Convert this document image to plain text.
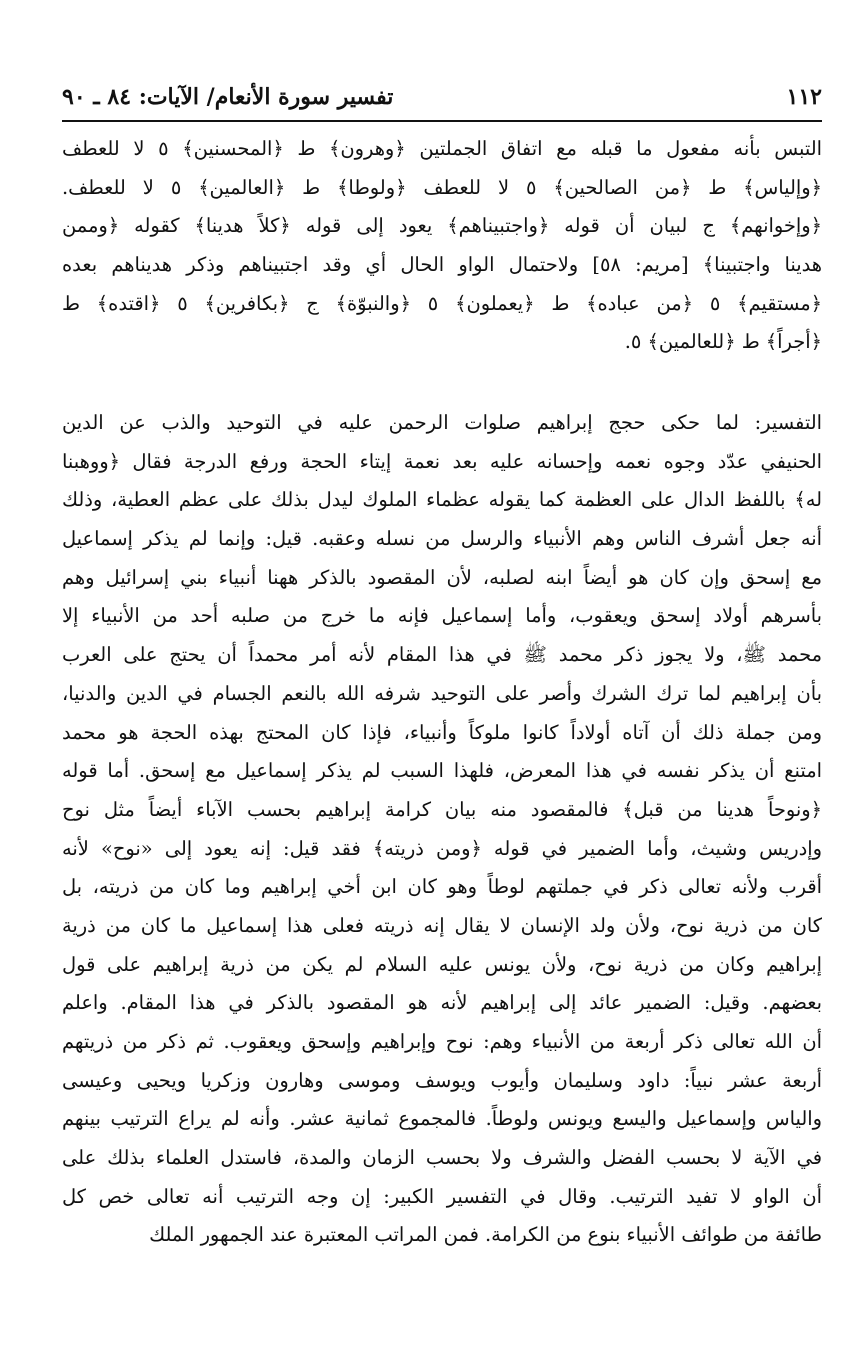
١١٢
تفسير سورة الأنعام/ الآيات: ٨٤ ـ ٩٠
التبس بأنه مفعول ما قبله مع اتفاق الجملتين ﴿وهرون﴾ ط ﴿المحسنين﴾ ٥ لا للعطف
﴿وإلياس﴾ ط ﴿من الصالحين﴾ ٥ لا للعطف ﴿ولوطا﴾ ط ﴿العالمين﴾ ٥ لا للعطف.
﴿وإخوانهم﴾ ج لبيان أن قوله ﴿واجتبيناهم﴾ يعود إلى قوله ﴿كلاً هدينا﴾ كقوله ﴿وممن
هدينا واجتبينا﴾ [مريم: ٥٨] ولاحتمال الواو الحال أي وقد اجتبيناهم وذكر هديناهم بعده
﴿مستقيم﴾ ٥ ﴿من عباده﴾ ط ﴿يعملون﴾ ٥ ﴿والنبوّة﴾ ج ﴿بكافرين﴾ ٥ ﴿اقتده﴾ ط
﴿أجراً﴾ ط ﴿للعالمين﴾ ٥.
التفسير: لما حكى حجج إبراهيم صلوات الرحمن عليه في التوحيد والذب عن الدين
الحنيفي عدّد وجوه نعمه وإحسانه عليه بعد نعمة إيتاء الحجة ورفع الدرجة فقال ﴿ووهبنا
له﴾ باللفظ الدال على العظمة كما يقوله عظماء الملوك ليدل بذلك على عظم العطية، وذلك
أنه جعل أشرف الناس وهم الأنبياء والرسل من نسله وعقبه. قيل: وإنما لم يذكر إسماعيل
مع إسحق وإن كان هو أيضاً ابنه لصلبه، لأن المقصود بالذكر ههنا أنبياء بني إسرائيل وهم
بأسرهم أولاد إسحق ويعقوب، وأما إسماعيل فإنه ما خرج من صلبه أحد من الأنبياء إلا
محمد ﷺ، ولا يجوز ذكر محمد ﷺ في هذا المقام لأنه أمر محمداً أن يحتج على العرب
بأن إبراهيم لما ترك الشرك وأصر على التوحيد شرفه الله بالنعم الجسام في الدين والدنيا،
ومن جملة ذلك أن آتاه أولاداً كانوا ملوكاً وأنبياء، فإذا كان المحتج بهذه الحجة هو محمد
امتنع أن يذكر نفسه في هذا المعرض، فلهذا السبب لم يذكر إسماعيل مع إسحق. أما قوله
﴿ونوحاً هدينا من قبل﴾ فالمقصود منه بيان كرامة إبراهيم بحسب الآباء أيضاً مثل نوح
وإدريس وشيث، وأما الضمير في قوله ﴿ومن ذريته﴾ فقد قيل: إنه يعود إلى «نوح» لأنه
أقرب ولأنه تعالى ذكر في جملتهم لوطاً وهو كان ابن أخي إبراهيم وما كان من ذريته، بل
كان من ذرية نوح، ولأن ولد الإنسان لا يقال إنه ذريته فعلى هذا إسماعيل ما كان من ذرية
إبراهيم وكان من ذرية نوح، ولأن يونس عليه السلام لم يكن من ذرية إبراهيم على قول
بعضهم. وقيل: الضمير عائد إلى إبراهيم لأنه هو المقصود بالذكر في هذا المقام. واعلم
أن الله تعالى ذكر أربعة من الأنبياء وهم: نوح وإبراهيم وإسحق ويعقوب. ثم ذكر من ذريتهم
أربعة عشر نبياً: داود وسليمان وأيوب ويوسف وموسى وهارون وزكريا ويحيى وعيسى
والياس وإسماعيل واليسع ويونس ولوطاً. فالمجموع ثمانية عشر. وأنه لم يراع الترتيب بينهم
في الآية لا بحسب الفضل والشرف ولا بحسب الزمان والمدة، فاستدل العلماء بذلك على
أن الواو لا تفيد الترتيب. وقال في التفسير الكبير: إن وجه الترتيب أنه تعالى خص كل
طائفة من طوائف الأنبياء بنوع من الكرامة. فمن المراتب المعتبرة عند الجمهور الملك
